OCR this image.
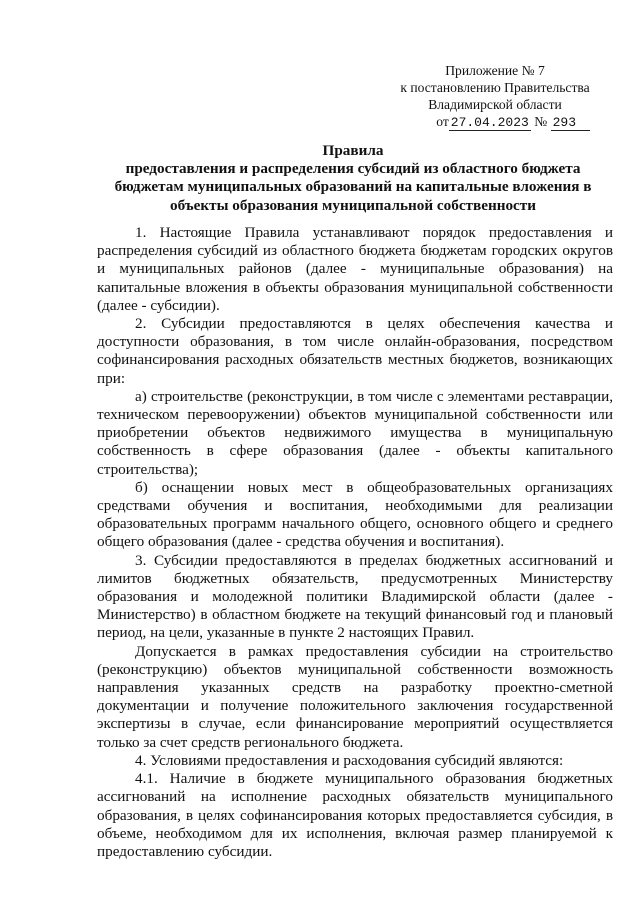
Приложение № 7
к постановлению Правительства
Владимирской области
от 27.04.2023 № 293
Правила
предоставления и распределения субсидий из областного бюджета
бюджетам муниципальных образований на капитальные вложения в
объекты образования муниципальной собственности

1. Настоящие Правила устанавливают порядок предоставления и распределения субсидий из областного бюджета бюджетам городских округов и муниципальных районов (далее - муниципальные образования) на капитальные вложения в объекты образования муниципальной собственности (далее - субсидии).

2. Субсидии предоставляются в целях обеспечения качества и доступности образования, в том числе онлайн-образования, посредством софинансирования расходных обязательств местных бюджетов, возникающих при:

а) строительстве (реконструкции, в том числе с элементами реставрации, техническом перевооружении) объектов муниципальной собственности или приобретении объектов недвижимого имущества в муниципальную собственность в сфере образования (далее - объекты капитального строительства);

б) оснащении новых мест в общеобразовательных организациях средствами обучения и воспитания, необходимыми для реализации образовательных программ начального общего, основного общего и среднего общего образования (далее - средства обучения и воспитания).

3. Субсидии предоставляются в пределах бюджетных ассигнований и лимитов бюджетных обязательств, предусмотренных Министерству образования и молодежной политики Владимирской области (далее - Министерство) в областном бюджете на текущий финансовый год и плановый период, на цели, указанные в пункте 2 настоящих Правил.

Допускается в рамках предоставления субсидии на строительство (реконструкцию) объектов муниципальной собственности возможность направления указанных средств на разработку проектно-сметной документации и получение положительного заключения государственной экспертизы в случае, если финансирование мероприятий осуществляется только за счет средств регионального бюджета.

4. Условиями предоставления и расходования субсидий являются:

4.1. Наличие в бюджете муниципального образования бюджетных ассигнований на исполнение расходных обязательств муниципального образования, в целях софинансирования которых предоставляется субсидия, в объеме, необходимом для их исполнения, включая размер планируемой к предоставлению субсидии.
